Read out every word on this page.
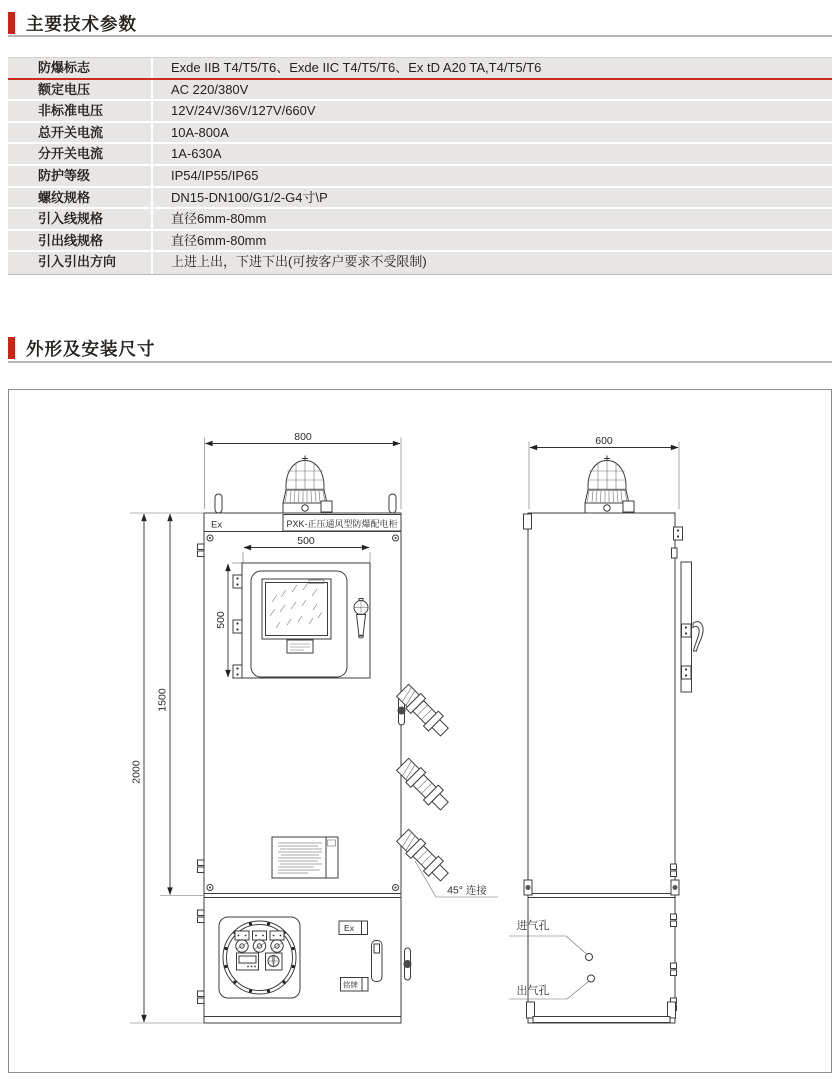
主要技术参数
防爆标志	Exde IIB T4/T5/T6、Exde IIC T4/T5/T6、Ex tD A20 TA,T4/T5/T6
额定电压	AC 220/380V
非标准电压	12V/24V/36V/127V/660V
总开关电流	10A-800A
分开关电流	1A-630A
防护等级	IP54/IP55/IP65
螺纹规格	DN15-DN100/G1/2-G4寸\P
引入线规格	直径6mm-80mm
引出线规格	直径6mm-80mm
引入引出方向	上进上出，下进下出(可按客户要求不受限制)
外形及安装尺寸
800
Ex	PXK-正压通风型防爆配电柜
500
500
45° 连接
Ex
铭牌
1500
2000
600
进气孔
出气孔
